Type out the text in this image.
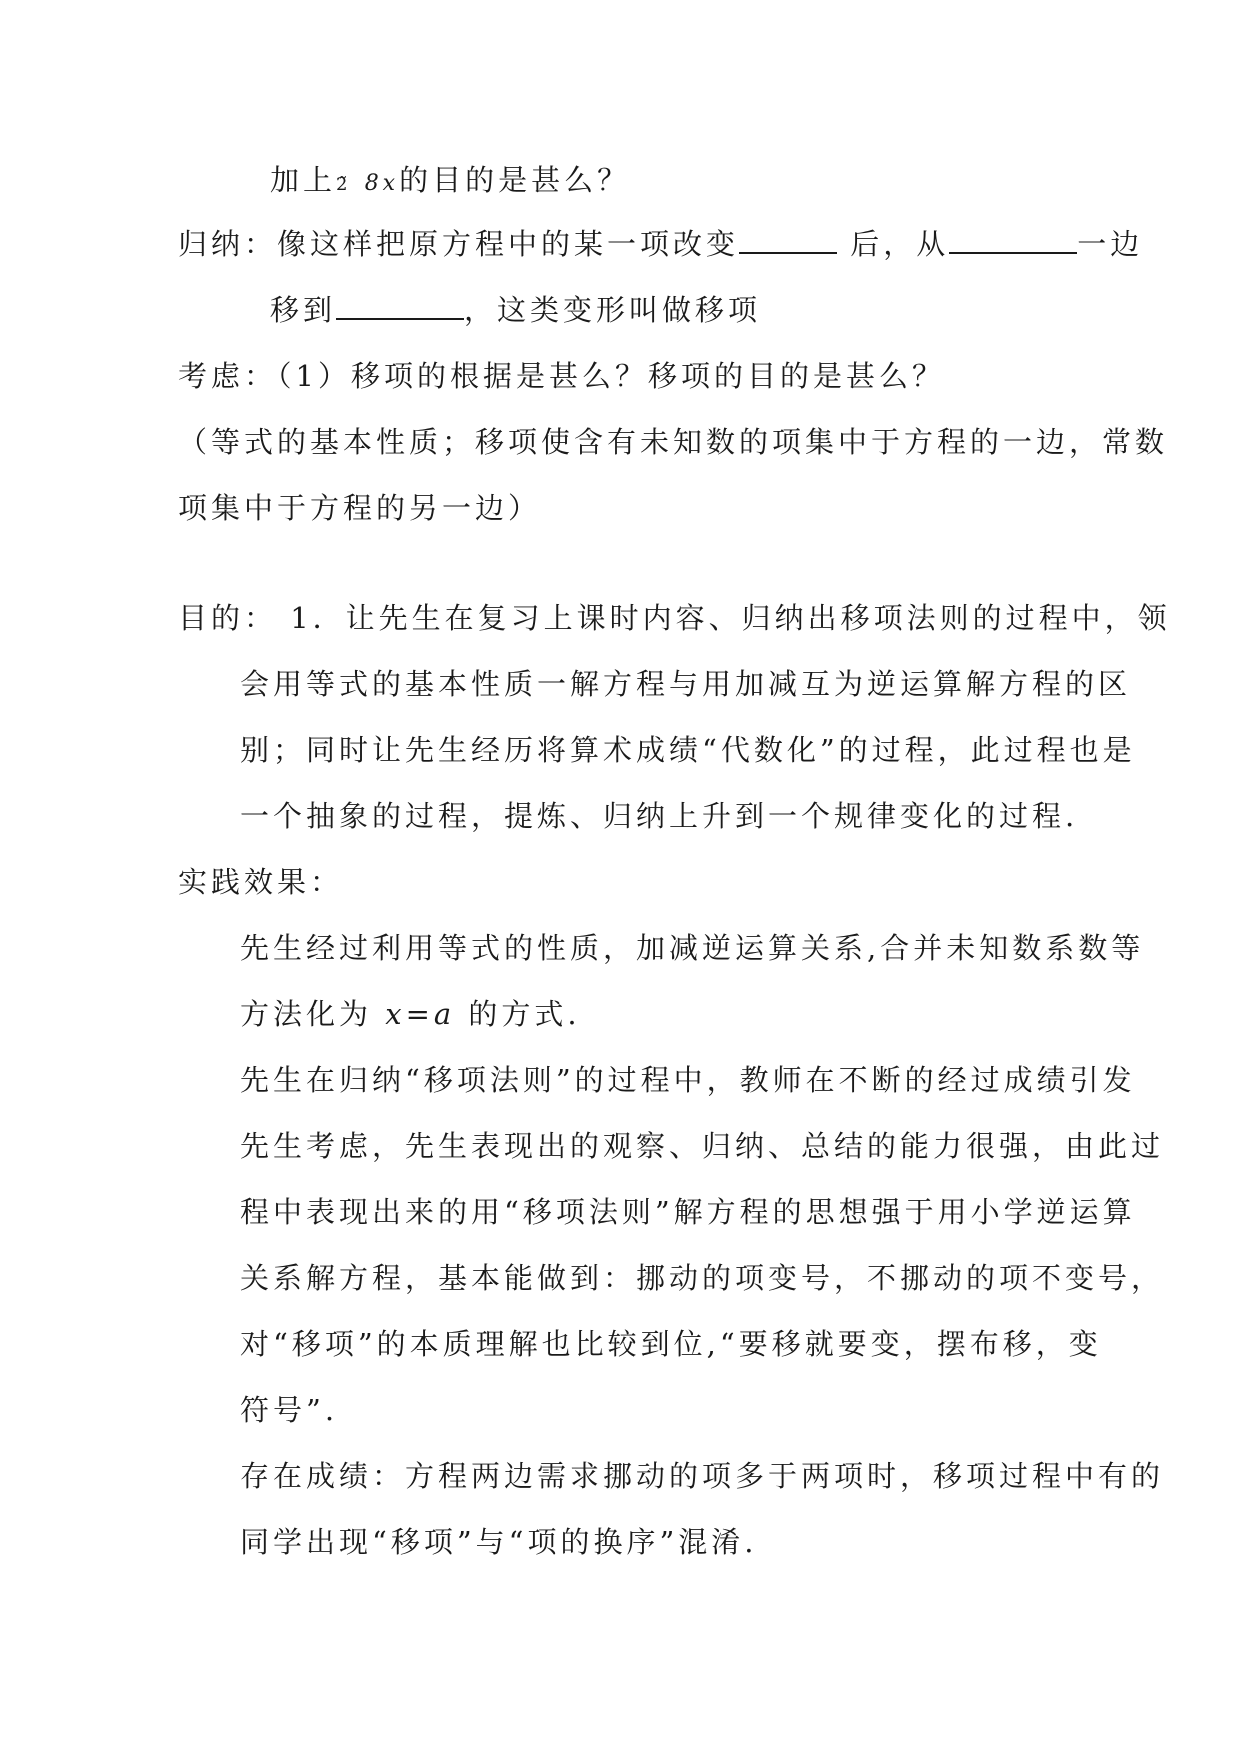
加上2̃ 8x的目的是甚么？
归纳：像这样把原方程中的某一项改变	后，从	一边
移到	，这类变形叫做移项
考虑：（1）移项的根据是甚么？移项的目的是甚么？
（等式的基本性质；移项使含有未知数的项集中于方程的一边，常数
项集中于方程的另一边）
目的： 1．让先生在复习上课时内容、归纳出移项法则的过程中，领
会用等式的基本性质一解方程与用加减互为逆运算解方程的区
别；同时让先生经历将算术成绩“代数化”的过程，此过程也是
一个抽象的过程，提炼、归纳上升到一个规律变化的过程.
实践效果：
先生经过利用等式的性质，加减逆运算关系,合并未知数系数等
方法化为 x=a 的方式.
先生在归纳“移项法则”的过程中，教师在不断的经过成绩引发
先生考虑，先生表现出的观察、归纳、总结的能力很强，由此过
程中表现出来的用“移项法则”解方程的思想强于用小学逆运算
关系解方程，基本能做到：挪动的项变号，不挪动的项不变号，
对“移项”的本质理解也比较到位,“要移就要变，摆布移，变
符号”.
存在成绩：方程两边需求挪动的项多于两项时，移项过程中有的
同学出现“移项”与“项的换序”混淆.
